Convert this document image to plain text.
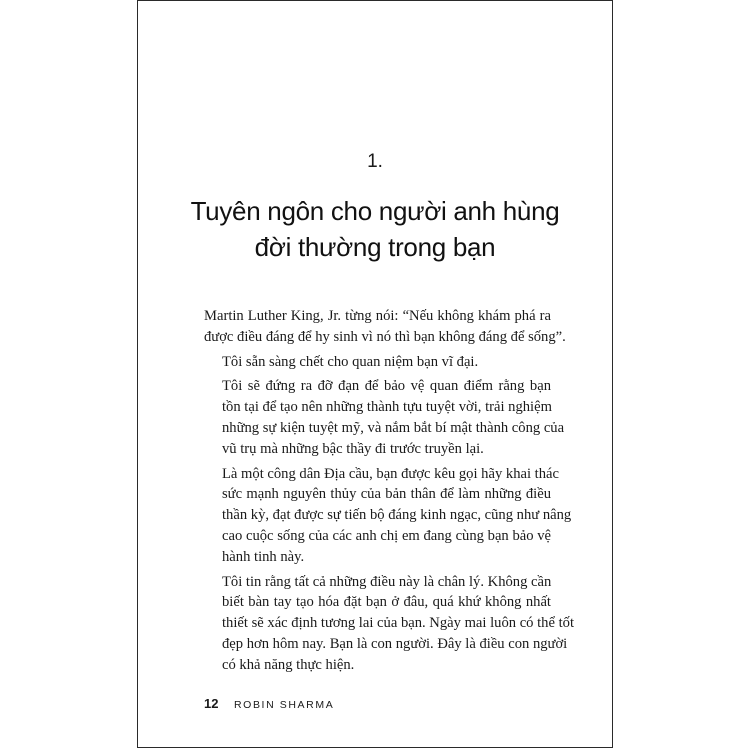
1.
Tuyên ngôn cho người anh hùng
đời thường trong bạn

Martin Luther King, Jr. từng nói: “Nếu không khám phá ra
được điều đáng để hy sinh vì nó thì bạn không đáng để sống”.

Tôi sẵn sàng chết cho quan niệm bạn vĩ đại.

Tôi sẽ đứng ra đỡ đạn để bảo vệ quan điểm rằng bạn
tồn tại để tạo nên những thành tựu tuyệt vời, trải nghiệm
những sự kiện tuyệt mỹ, và nắm bắt bí mật thành công của
vũ trụ mà những bậc thầy đi trước truyền lại.

Là một công dân Địa cầu, bạn được kêu gọi hãy khai thác
sức mạnh nguyên thủy của bản thân để làm những điều
thần kỳ, đạt được sự tiến bộ đáng kinh ngạc, cũng như nâng
cao cuộc sống của các anh chị em đang cùng bạn bảo vệ
hành tinh này.

Tôi tin rằng tất cả những điều này là chân lý. Không cần
biết bàn tay tạo hóa đặt bạn ở đâu, quá khứ không nhất
thiết sẽ xác định tương lai của bạn. Ngày mai luôn có thể tốt
đẹp hơn hôm nay. Bạn là con người. Đây là điều con người
có khả năng thực hiện.

12	ROBIN SHARMA
